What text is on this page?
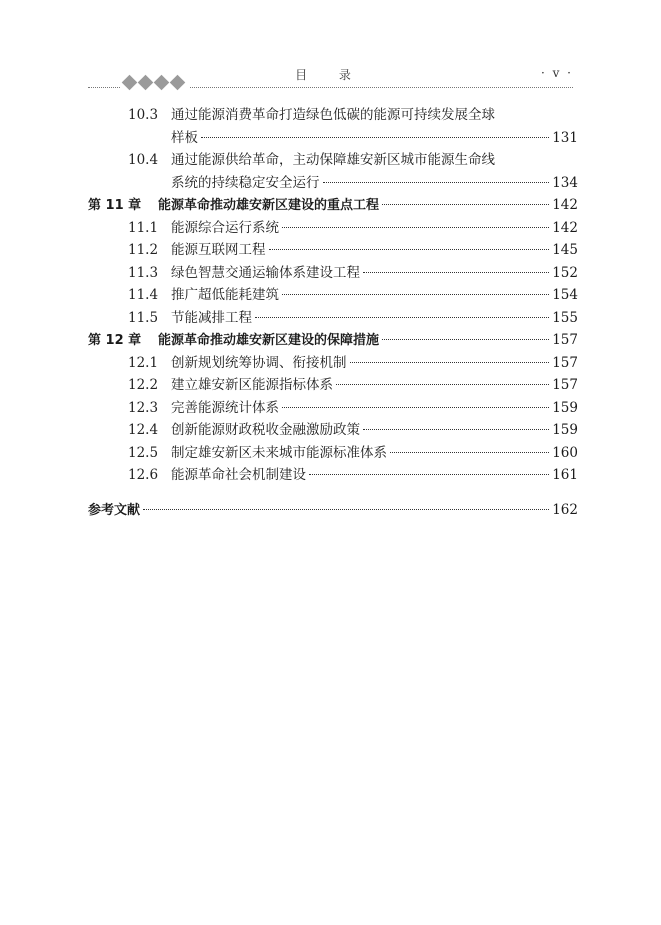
目 录	· v ·
10.3 通过能源消费革命打造绿色低碳的能源可持续发展全球
样板	131
10.4 通过能源供给革命，主动保障雄安新区城市能源生命线
系统的持续稳定安全运行	134
第 11 章	能源革命推动雄安新区建设的重点工程	142
11.1 能源综合运行系统	142
11.2 能源互联网工程	145
11.3 绿色智慧交通运输体系建设工程	152
11.4 推广超低能耗建筑	154
11.5 节能减排工程	155
第 12 章	能源革命推动雄安新区建设的保障措施	157
12.1 创新规划统筹协调、衔接机制	157
12.2 建立雄安新区能源指标体系	157
12.3 完善能源统计体系	159
12.4 创新能源财政税收金融激励政策	159
12.5 制定雄安新区未来城市能源标准体系	160
12.6 能源革命社会机制建设	161
参考文献	162
